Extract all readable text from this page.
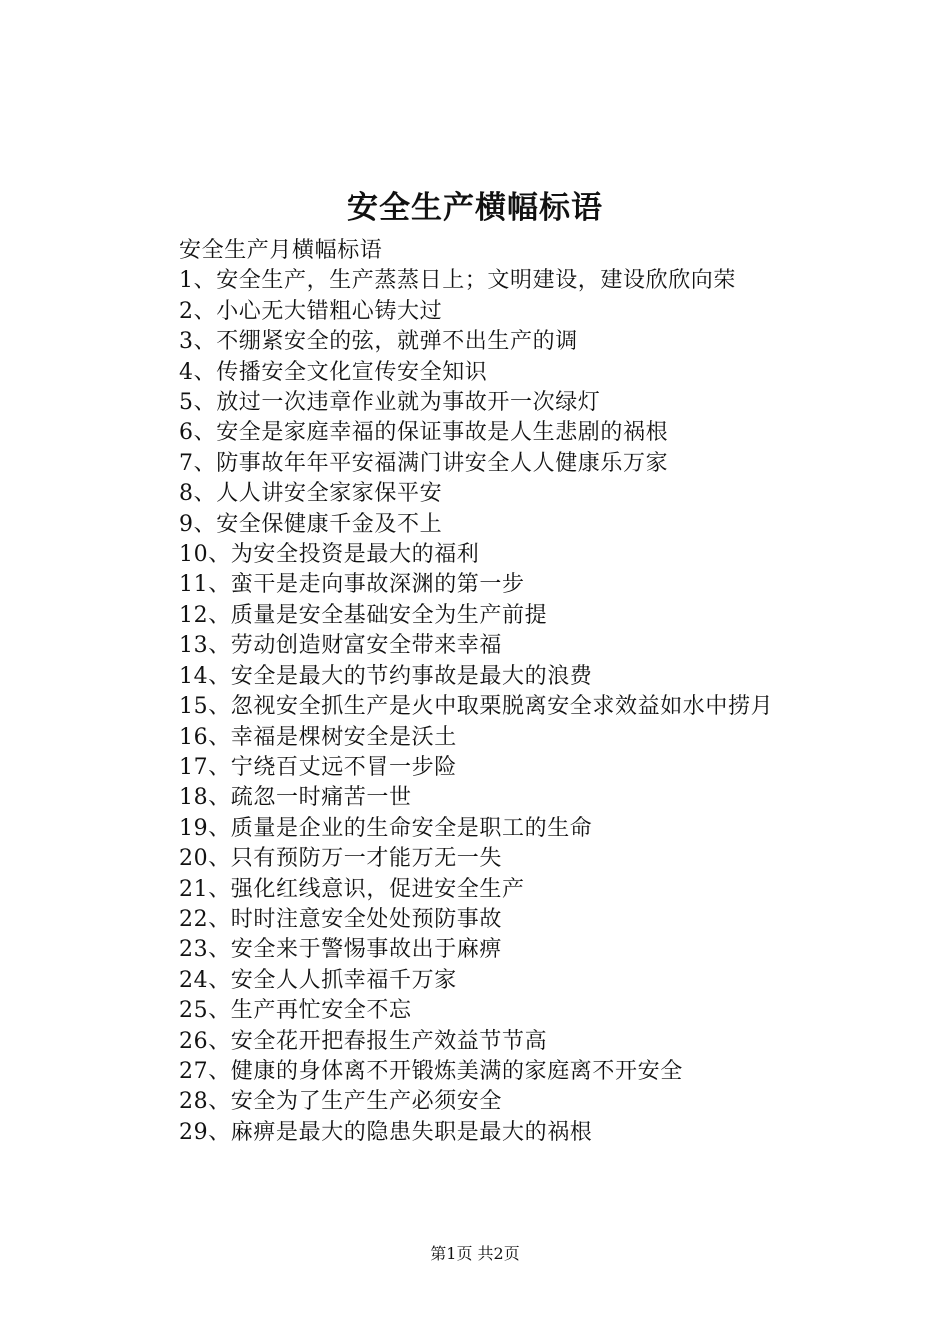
安全生产横幅标语

安全生产月横幅标语

1、安全生产，生产蒸蒸日上；文明建设，建设欣欣向荣

2、小心无大错粗心铸大过

3、不绷紧安全的弦，就弹不出生产的调

4、传播安全文化宣传安全知识

5、放过一次违章作业就为事故开一次绿灯

6、安全是家庭幸福的保证事故是人生悲剧的祸根

7、防事故年年平安福满门讲安全人人健康乐万家

8、人人讲安全家家保平安

9、安全保健康千金及不上

10、为安全投资是最大的福利

11、蛮干是走向事故深渊的第一步

12、质量是安全基础安全为生产前提

13、劳动创造财富安全带来幸福

14、安全是最大的节约事故是最大的浪费

15、忽视安全抓生产是火中取栗脱离安全求效益如水中捞月

16、幸福是棵树安全是沃土

17、宁绕百丈远不冒一步险

18、疏忽一时痛苦一世

19、质量是企业的生命安全是职工的生命

20、只有预防万一才能万无一失

21、强化红线意识，促进安全生产

22、时时注意安全处处预防事故

23、安全来于警惕事故出于麻痹

24、安全人人抓幸福千万家

25、生产再忙安全不忘

26、安全花开把春报生产效益节节高

27、健康的身体离不开锻炼美满的家庭离不开安全

28、安全为了生产生产必须安全

29、麻痹是最大的隐患失职是最大的祸根

第1页 共2页
